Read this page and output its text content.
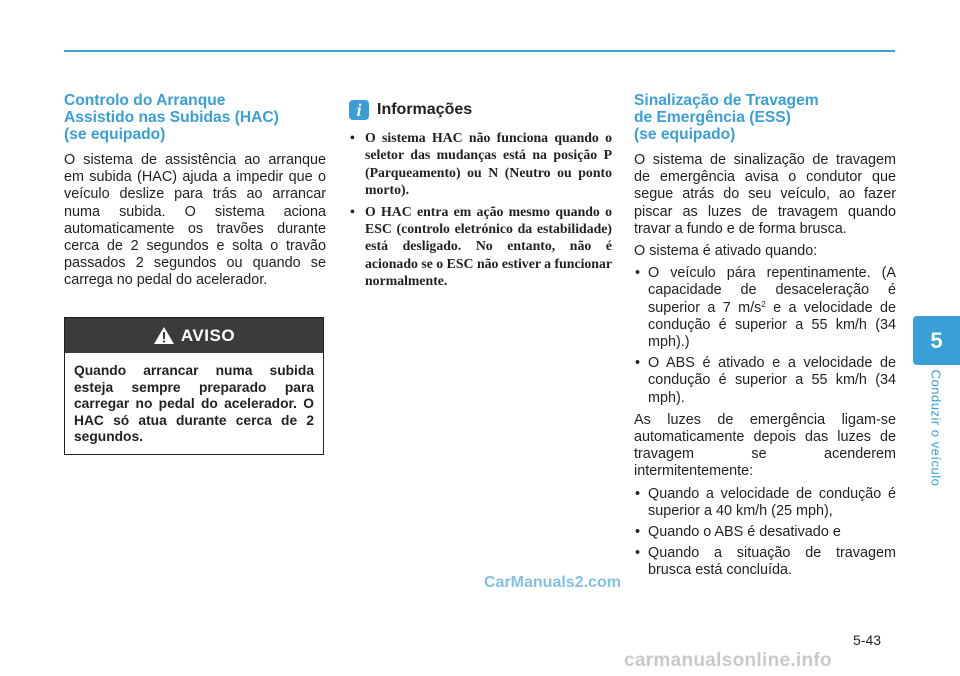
Controlo do Arranque
Assistido nas Subidas (HAC)
(se equipado)

O sistema de assistência ao arranque em subida (HAC) ajuda a impedir que o veículo deslize para trás ao arrancar numa subida. O sistema aciona automaticamente os travões durante cerca de 2 segundos e solta o travão passados 2 segundos ou quando se carrega no pedal do acelerador.

AVISO
Quando arrancar numa subida esteja sempre preparado para carregar no pedal do acelerador. O HAC só atua durante cerca de 2 segundos.
i Informações
• O sistema HAC não funciona quando o seletor das mudanças está na posição P (Parqueamento) ou N (Neutro ou ponto morto).
• O HAC entra em ação mesmo quando o ESC (controlo eletrónico da estabilidade) está desligado. No entanto, não é acionado se o ESC não estiver a funcionar normalmente.
Sinalização de Travagem
de Emergência (ESS)
(se equipado)

O sistema de sinalização de travagem de emergência avisa o condutor que segue atrás do seu veículo, ao fazer piscar as luzes de travagem quando travar a fundo e de forma brusca.

O sistema é ativado quando:

• O veículo pára repentinamente. (A capacidade de desaceleração é superior a 7 $m/s^2$ e a velocidade de condução é superior a 55 km/h (34 mph).)
• O ABS é ativado e a velocidade de condução é superior a 55 km/h (34 mph).

As luzes de emergência ligam-se automaticamente depois das luzes de travagem se acenderem intermitentemente:

• Quando a velocidade de condução é superior a 40 km/h (25 mph),
• Quando o ABS é desativado e
• Quando a situação de travagem brusca está concluída.
5
Conduzir o veículo
5-43
CarManuals2.com
carmanualsonline.info
